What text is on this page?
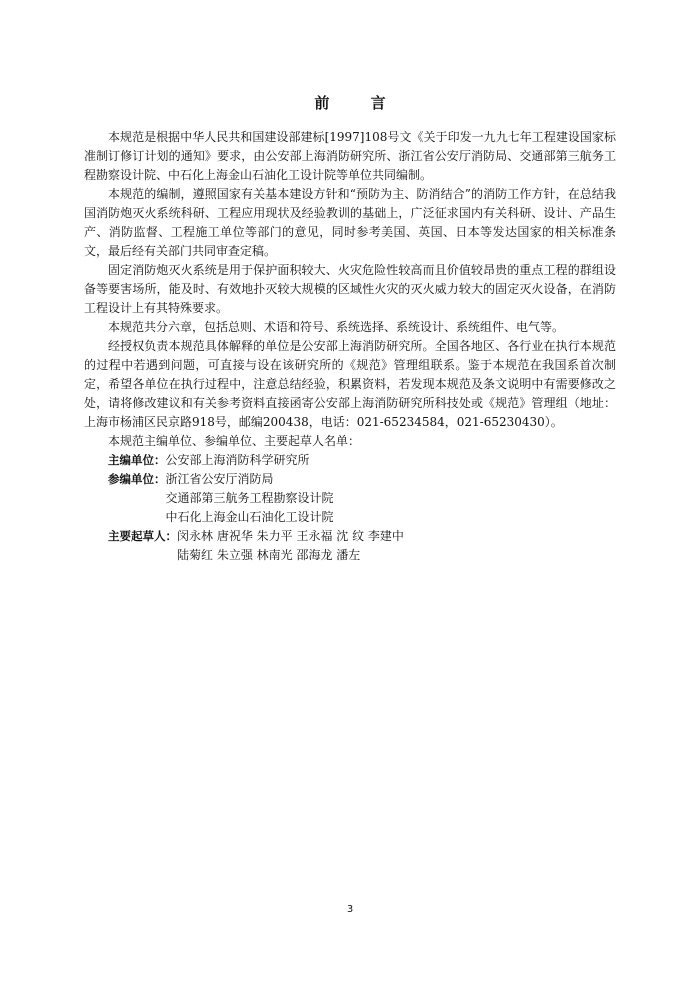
前 言

本规范是根据中华人民共和国建设部建标[1997]108号文《关于印发一九九七年工程建设国家标准制订修订计划的通知》要求，由公安部上海消防研究所、浙江省公安厅消防局、交通部第三航务工程勘察设计院、中石化上海金山石油化工设计院等单位共同编制。

本规范的编制，遵照国家有关基本建设方针和“预防为主、防消结合”的消防工作方针，在总结我国消防炮灭火系统科研、工程应用现状及经验教训的基础上，广泛征求国内有关科研、设计、产品生产、消防监督、工程施工单位等部门的意见，同时参考美国、英国、日本等发达国家的相关标准条文，最后经有关部门共同审查定稿。

固定消防炮灭火系统是用于保护面积较大、火灾危险性较高而且价值较昂贵的重点工程的群组设备等要害场所，能及时、有效地扑灭较大规模的区域性火灾的灭火威力较大的固定灭火设备，在消防工程设计上有其特殊要求。

本规范共分六章，包括总则、术语和符号、系统选择、系统设计、系统组件、电气等。

经授权负责本规范具体解释的单位是公安部上海消防研究所。全国各地区、各行业在执行本规范的过程中若遇到问题，可直接与设在该研究所的《规范》管理组联系。鉴于本规范在我国系首次制定，希望各单位在执行过程中，注意总结经验，积累资料，若发现本规范及条文说明中有需要修改之处，请将修改建议和有关参考资料直接函寄公安部上海消防研究所科技处或《规范》管理组（地址：上海市杨浦区民京路918号，邮编200438，电话：021-65234584，021-65230430）。

本规范主编单位、参编单位、主要起草人名单：

主编单位： 公安部上海消防科学研究所
参编单位： 浙江省公安厅消防局
交通部第三航务工程勘察设计院
中石化上海金山石油化工设计院
主要起草人： 闵永林 唐祝华 朱力平 王永福 沈 纹 李建中
陆菊红 朱立强 林南光 邵海龙 潘左
3
